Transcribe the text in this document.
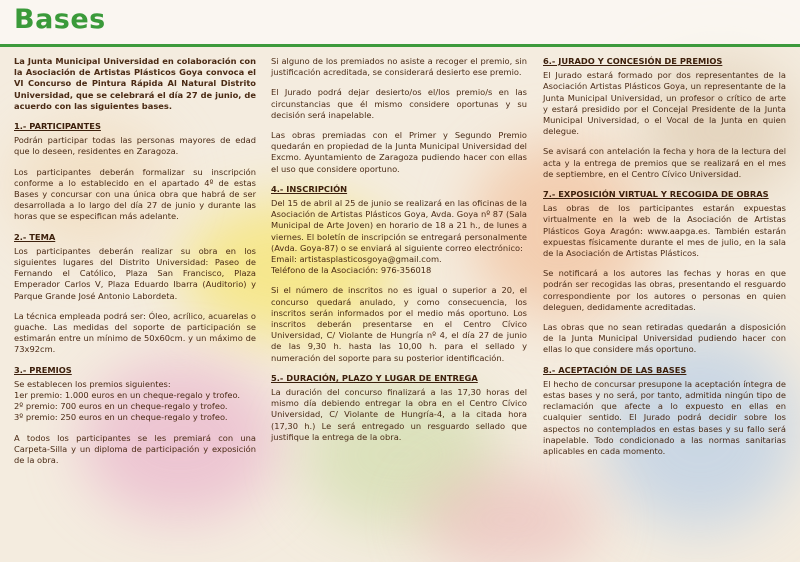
Bases

La Junta Municipal Universidad en colaboración con la Asociación de Artistas Plásticos Goya convoca el VI Concurso de Pintura Rápida Al Natural Distrito Universidad, que se celebrará el día 27 de junio, de acuerdo con las siguientes bases.

1.- PARTICIPANTES

Podrán participar todas las personas mayores de edad que lo deseen, residentes en Zaragoza.

Los participantes deberán formalizar su inscripción conforme a lo establecido en el apartado 4º de estas Bases y concursar con una única obra que habrá de ser desarrollada a lo largo del día 27 de junio y durante las horas que se especifican más adelante.

2.- TEMA

Los participantes deberán realizar su obra en los siguientes lugares del Distrito Universidad: Paseo de Fernando el Católico, Plaza San Francisco, Plaza Emperador Carlos V, Plaza Eduardo Ibarra (Auditorio) y Parque Grande José Antonio Labordeta.

La técnica empleada podrá ser: Óleo, acrílico, acuarelas o guache. Las medidas del soporte de participación se estimarán entre un mínimo de 50x60cm. y un máximo de 73x92cm.

3.- PREMIOS

Se establecen los premios siguientes:

1er premio: 1.000 euros en un cheque-regalo y trofeo.
2º premio: 700 euros en un cheque-regalo y trofeo.
3º premio: 250 euros en un cheque-regalo y trofeo.

A todos los participantes se les premiará con una Carpeta-Silla y un diploma de participación y exposición de la obra.

Si alguno de los premiados no asiste a recoger el premio, sin justificación acreditada, se considerará desierto ese premio.

El Jurado podrá dejar desierto/os el/los premio/s en las circunstancias que él mismo considere oportunas y su decisión será inapelable.

Las obras premiadas con el Primer y Segundo Premio quedarán en propiedad de la Junta Municipal Universidad del Excmo. Ayuntamiento de Zaragoza pudiendo hacer con ellas el uso que considere oportuno.

4.- INSCRIPCIÓN

Del 15 de abril al 25 de junio se realizará en las oficinas de la Asociación de Artistas Plásticos Goya, Avda. Goya nº 87 (Sala Municipal de Arte Joven) en horario de 18 a 21 h., de lunes a viernes. El boletín de inscripción se entregará personalmente (Avda. Goya-87) o se enviará al siguiente correo electrónico:

Email: artistasplasticosgoya@gmail.com.

Teléfono de la Asociación: 976-356018

Si el número de inscritos no es igual o superior a 20, el concurso quedará anulado, y como consecuencia, los inscritos serán informados por el medio más oportuno. Los inscritos deberán presentarse en el Centro Cívico Universidad, C/ Violante de Hungría nº 4, el día 27 de junio de las 9,30 h. hasta las 10,00 h. para el sellado y numeración del soporte para su posterior identificación.

5.- DURACIÓN, PLAZO Y LUGAR DE ENTREGA

La duración del concurso finalizará a las 17,30 horas del mismo día debiendo entregar la obra en el Centro Cívico Universidad, C/ Violante de Hungría-4, a la citada hora (17,30 h.) Le será entregado un resguardo sellado que justifique la entrega de la obra.

6.- JURADO Y CONCESIÓN DE PREMIOS

El Jurado estará formado por dos representantes de la Asociación Artistas Plásticos Goya, un representante de la Junta Municipal Universidad, un profesor o crítico de arte y estará presidido por el Concejal Presidente de la Junta Municipal Universidad, o el Vocal de la Junta en quien delegue.

Se avisará con antelación la fecha y hora de la lectura del acta y la entrega de premios que se realizará en el mes de septiembre, en el Centro Cívico Universidad.

7.- EXPOSICIÓN VIRTUAL Y RECOGIDA DE OBRAS

Las obras de los participantes estarán expuestas virtualmente en la web de la Asociación de Artistas Plásticos Goya Aragón: www.aapga.es. También estarán expuestas físicamente durante el mes de julio, en la sala de la Asociación de Artistas Plásticos.

Se notificará a los autores las fechas y horas en que podrán ser recogidas las obras, presentando el resguardo correspondiente por los autores o personas en quien deleguen, dedidamente acreditadas.

Las obras que no sean retiradas quedarán a disposición de la Junta Municipal Universidad pudiendo hacer con ellas lo que considere más oportuno.

8.- ACEPTACIÓN DE LAS BASES

El hecho de concursar presupone la aceptación íntegra de estas bases y no será, por tanto, admitida ningún tipo de reclamación que afecte a lo expuesto en ellas en cualquier sentido. El Jurado podrá decidir sobre los aspectos no contemplados en estas bases y su fallo será inapelable. Todo condicionado a las normas sanitarias aplicables en cada momento.
